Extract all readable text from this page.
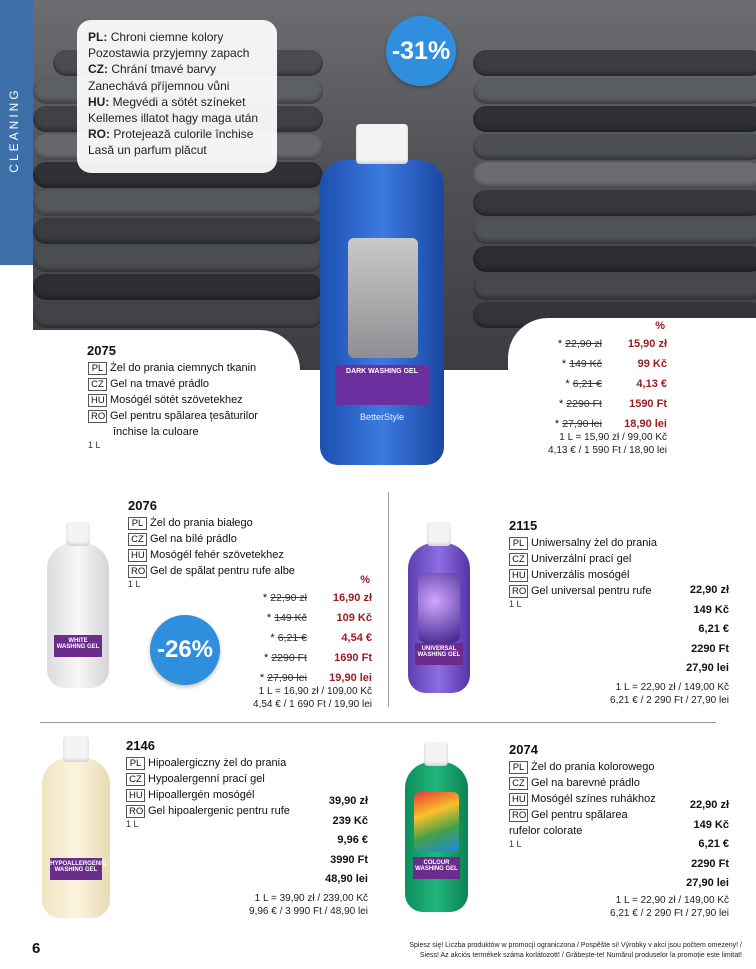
CLEANING
PL: Chroni ciemne kolory
Pozostawia przyjemny zapach
CZ: Chrání tmavé barvy
Zanechává příjemnou vůni
HU: Megvédi a sötét színeket
Kellemes illatot hagy maga után
RO: Protejează culorile închise
Lasă un parfum plăcut
-31%
DARK WASHING GEL
BetterStyle
2075
PL Żel do prania ciemnych tkanin
CZ Gel na tmavé prádlo
HU Mosógél sötét szövetekhez
RO Gel pentru spălarea țesăturilor
închise la culoare
1 L
%
* 22,90 zł 15,90 zł
* 149 Kč	99 Kč
* 6,21 €	4,13 €
* 2290 Ft 1590 Ft
* 27,90 lei 18,90 lei
1 L = 15,90 zł / 99,00 Kč
4,13 € / 1 590 Ft / 18,90 lei
WHITE WASHING GEL -26%
2076
PL Żel do prania białego
CZ Gel na bílé prádlo
HU Mosógél fehér szövetekhez
RO Gel de spălat pentru rufe albe
1 L	%
* 22,90 zł 16,90 zł
* 149 Kč	109 Kč
* 6,21 €	4,54 €
* 2290 Ft 1690 Ft
* 27,90 lei 19,90 lei
1 L = 16,90 zł / 109,00 Kč
4,54 € / 1 690 Ft / 19,90 lei
UNIVERSAL WASHING GEL
2115
PL Uniwersalny żel do prania
CZ Univerzální prací gel
HU Univerzális mosógél
RO Gel universal pentru rufe
1 L
22,90 zł
149 Kč
6,21 €
2290 Ft
27,90 lei
1 L = 22,90 zł / 149,00 Kč
6,21 € / 2 290 Ft / 27,90 lei
HYPOALLERGENIC WASHING GEL
2146
PL Hipoalergiczny żel do prania
CZ Hypoalergenní prací gel
HU Hipoallergén mosógél
RO Gel hipoalergenic pentru rufe
1 L
39,90 zł
239 Kč
9,96 €
3990 Ft
48,90 lei
1 L = 39,90 zł / 239,00 Kč
9,96 € / 3 990 Ft / 48,90 lei
COLOUR WASHING GEL
2074
PL Żel do prania kolorowego
CZ Gel na barevné prádlo
HU Mosógél színes ruhákhoz
RO Gel pentru spălarea
rufelor colorate
1 L
22,90 zł
149 Kč
6,21 €
2290 Ft
27,90 lei
1 L = 22,90 zł / 149,00 Kč
6,21 € / 2 290 Ft / 27,90 lei
6	Spiesz się! Liczba produktów w promocji ograniczona / Pospěšte si! Výrobky v akci jsou počtem omezeny! /
Siess! Az akciós termékek száma korlátozott! / Grăbește-te! Numărul produselor la promoție este limitat!
